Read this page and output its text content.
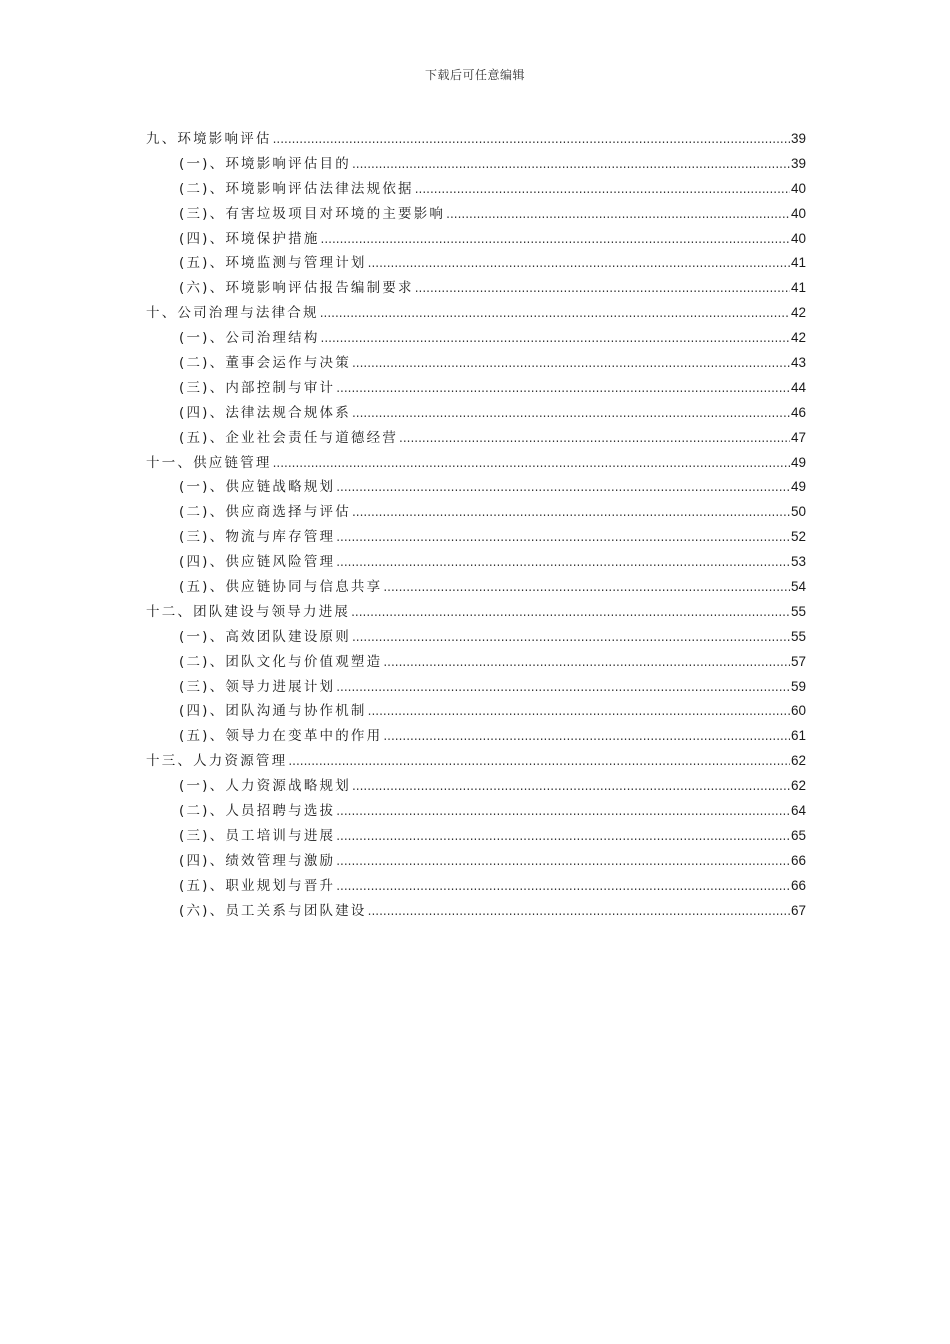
下载后可任意编辑
九、环境影响评估 .....	39
(一)、环境影响评估目的 .....	39
(二)、环境影响评估法律法规依据 .....	40
(三)、有害垃圾项目对环境的主要影响 .....	40
(四)、环境保护措施 .....	40
(五)、环境监测与管理计划 .....	41
(六)、环境影响评估报告编制要求 .....	41
十、公司治理与法律合规 .....	42
(一)、公司治理结构 .....	42
(二)、董事会运作与决策 .....	43
(三)、内部控制与审计 .....	44
(四)、法律法规合规体系 .....	46
(五)、企业社会责任与道德经营 .....	47
十一、供应链管理 .....	49
(一)、供应链战略规划 .....	49
(二)、供应商选择与评估 .....	50
(三)、物流与库存管理 .....	52
(四)、供应链风险管理 .....	53
(五)、供应链协同与信息共享 .....	54
十二、团队建设与领导力进展 .....	55
(一)、高效团队建设原则 .....	55
(二)、团队文化与价值观塑造 .....	57
(三)、领导力进展计划 .....	59
(四)、团队沟通与协作机制 .....	60
(五)、领导力在变革中的作用 .....	61
十三、人力资源管理 .....	62
(一)、人力资源战略规划 .....	62
(二)、人员招聘与选拔 .....	64
(三)、员工培训与进展 .....	65
(四)、绩效管理与激励 .....	66
(五)、职业规划与晋升 .....	66
(六)、员工关系与团队建设 .....	67
